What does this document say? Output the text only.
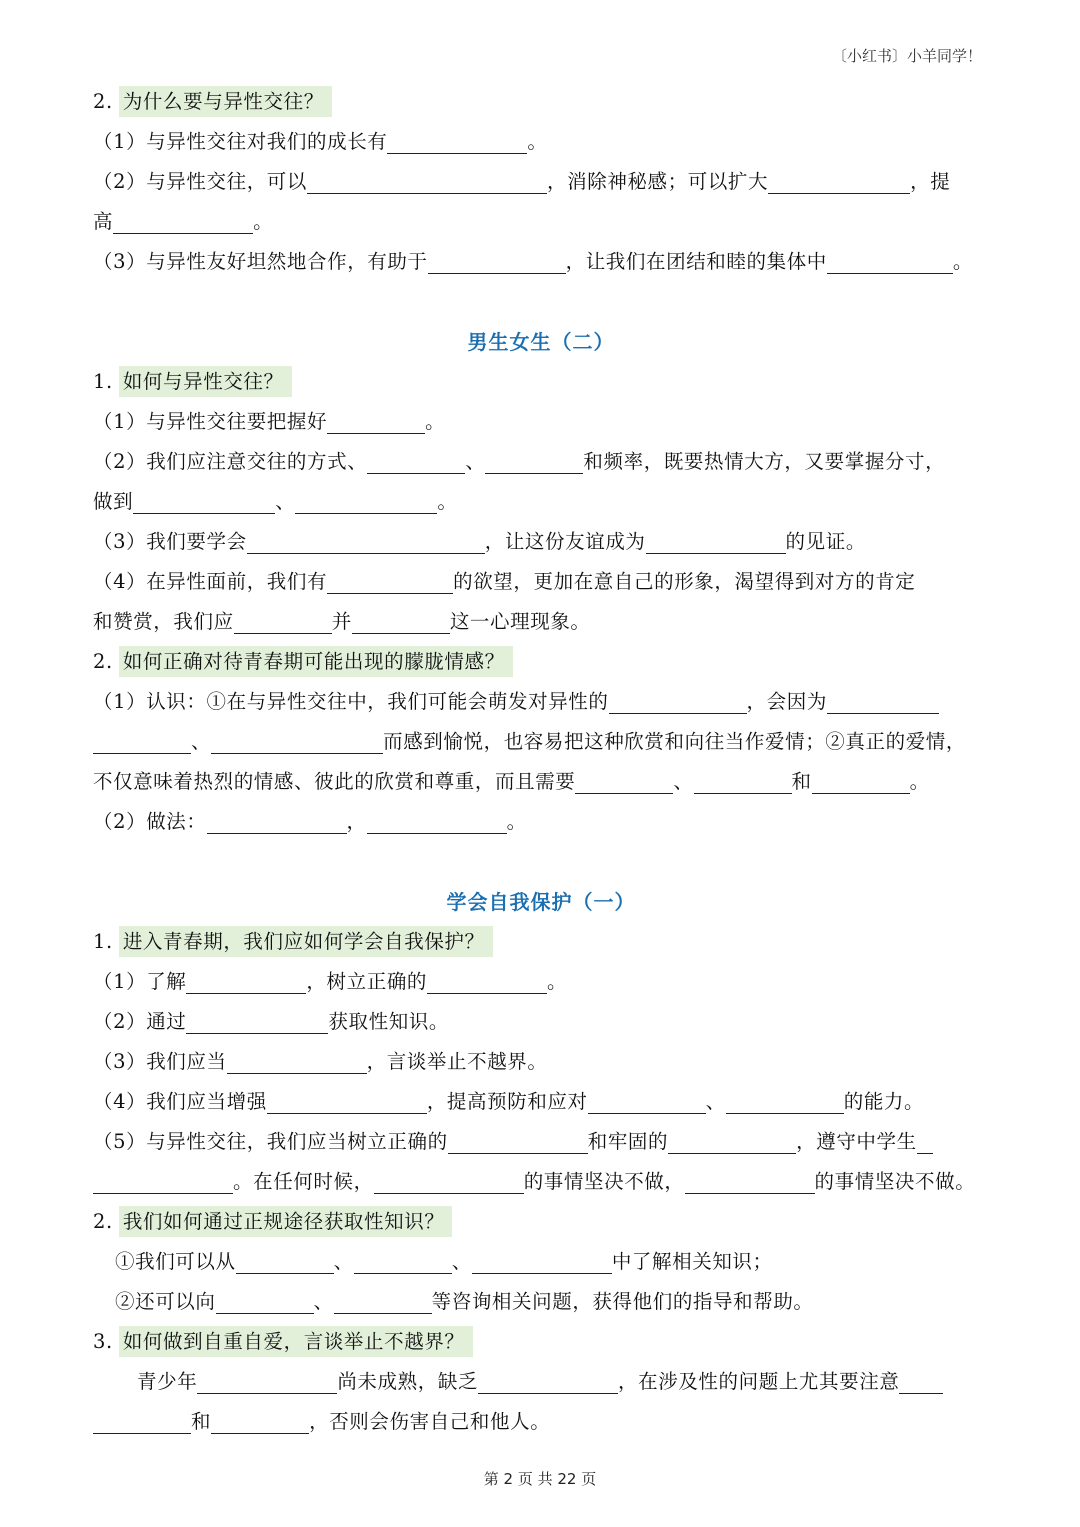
〔小红书〕小羊同学！
2. 为什么要与异性交往？
（1）与异性交往对我们的成长有	。
（2）与异性交往，可以	，消除神秘感；可以扩大	，提
高	。
（3）与异性友好坦然地合作，有助于	，让我们在团结和睦的集体中	。
男生女生（二）
1. 如何与异性交往？
（1）与异性交往要把握好	。
（2）我们应注意交往的方式、	、	和频率，既要热情大方，又要掌握分寸，
做到	、	。
（3）我们要学会	，让这份友谊成为	的见证。
（4）在异性面前，我们有	的欲望，更加在意自己的形象，渴望得到对方的肯定
和赞赏，我们应	并	这一心理现象。
2. 如何正确对待青春期可能出现的朦胧情感？
（1）认识：①在与异性交往中，我们可能会萌发对异性的	，会因为
、	而感到愉悦，也容易把这种欣赏和向往当作爱情；②真正的爱情，
不仅意味着热烈的情感、彼此的欣赏和尊重，而且需要	、	和	。
（2）做法：	，	。
学会自我保护（一）
1. 进入青春期，我们应如何学会自我保护？
（1）了解	，树立正确的	。
（2）通过	获取性知识。
（3）我们应当	，言谈举止不越界。
（4）我们应当增强	，提高预防和应对	、	的能力。
（5）与异性交往，我们应当树立正确的	和牢固的	，遵守中学生
。在任何时候，	的事情坚决不做，	的事情坚决不做。
2. 我们如何通过正规途径获取性知识？
①我们可以从	、	、	中了解相关知识；
②还可以向	、	等咨询相关问题，获得他们的指导和帮助。
3. 如何做到自重自爱，言谈举止不越界？
青少年	尚未成熟，缺乏	，在涉及性的问题上尤其要注意
和	，否则会伤害自己和他人。
第 2 页 共 22 页
